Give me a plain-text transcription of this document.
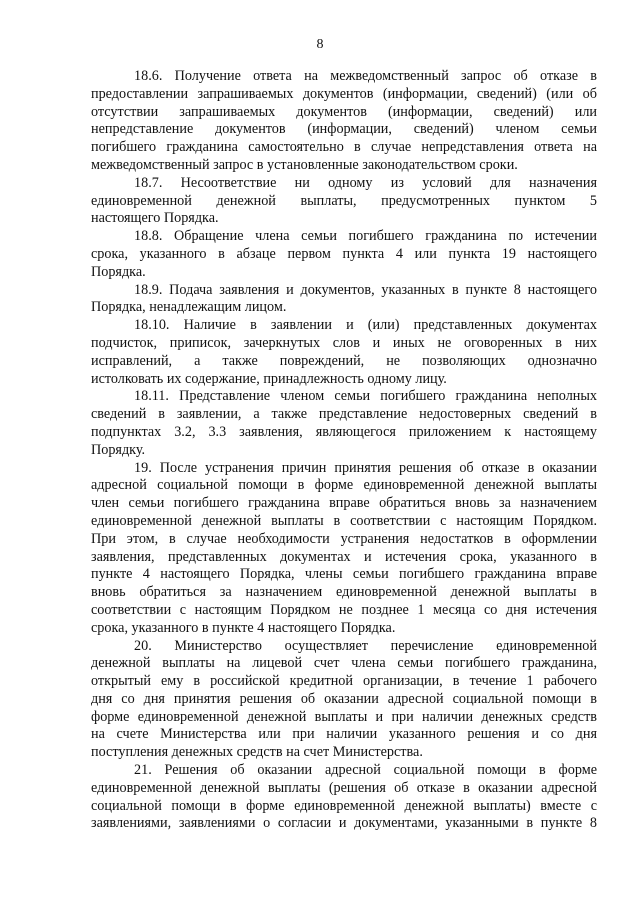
8
18.6. Получение ответа на межведомственный запрос об отказе в
предоставлении запрашиваемых документов (информации, сведений) (или об
отсутствии запрашиваемых документов (информации, сведений) или
непредставление документов (информации, сведений) членом семьи
погибшего гражданина самостоятельно в случае непредставления ответа на
межведомственный запрос в установленные законодательством сроки.
18.7. Несоответствие ни одному из условий для назначения
единовременной денежной выплаты, предусмотренных пунктом 5
настоящего Порядка.
18.8. Обращение члена семьи погибшего гражданина по истечении
срока, указанного в абзаце первом пункта 4 или пункта 19 настоящего
Порядка.
18.9. Подача заявления и документов, указанных в пункте 8 настоящего
Порядка, ненадлежащим лицом.
18.10. Наличие в заявлении и (или) представленных документах
подчисток, приписок, зачеркнутых слов и иных не оговоренных в них
исправлений, а также повреждений, не позволяющих однозначно
истолковать их содержание, принадлежность одному лицу.
18.11. Представление членом семьи погибшего гражданина неполных
сведений в заявлении, а также представление недостоверных сведений в
подпунктах 3.2, 3.3 заявления, являющегося приложением к настоящему
Порядку.
19. После устранения причин принятия решения об отказе в оказании
адресной социальной помощи в форме единовременной денежной выплаты
член семьи погибшего гражданина вправе обратиться вновь за назначением
единовременной денежной выплаты в соответствии с настоящим Порядком.
При этом, в случае необходимости устранения недостатков в оформлении
заявления, представленных документах и истечения срока, указанного в
пункте 4 настоящего Порядка, члены семьи погибшего гражданина вправе
вновь обратиться за назначением единовременной денежной выплаты в
соответствии с настоящим Порядком не позднее 1 месяца со дня истечения
срока, указанного в пункте 4 настоящего Порядка.
20. Министерство осуществляет перечисление единовременной
денежной выплаты на лицевой счет члена семьи погибшего гражданина,
открытый ему в российской кредитной организации, в течение 1 рабочего
дня со дня принятия решения об оказании адресной социальной помощи в
форме единовременной денежной выплаты и при наличии денежных средств
на счете Министерства или при наличии указанного решения и со дня
поступления денежных средств на счет Министерства.
21. Решения об оказании адресной социальной помощи в форме
единовременной денежной выплаты (решения об отказе в оказании адресной
социальной помощи в форме единовременной денежной выплаты) вместе с
заявлениями, заявлениями о согласии и документами, указанными в пункте 8
